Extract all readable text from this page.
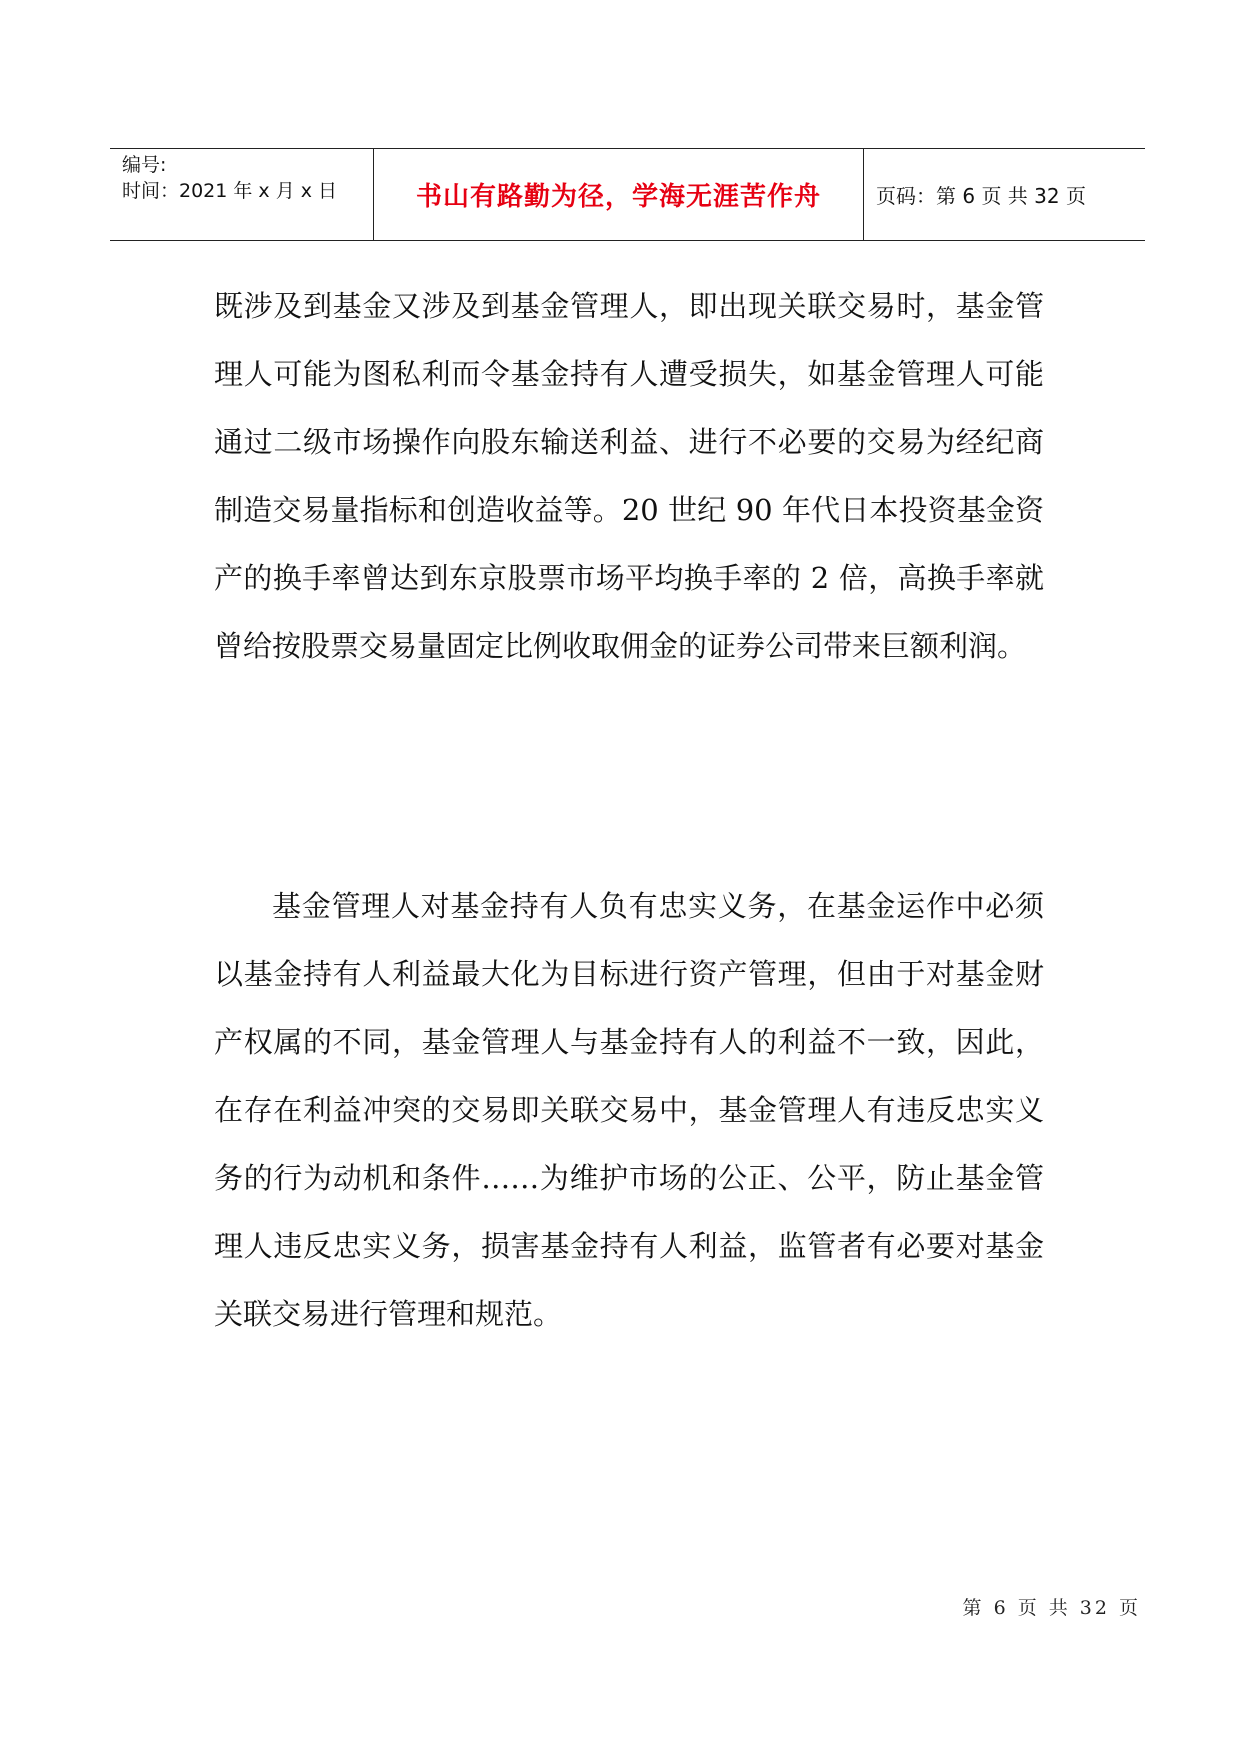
编号:
时间：2021 年 x 月 x 日	书山有路勤为径，学海无涯苦作舟	页码：第 6 页 共 32 页

既涉及到基金又涉及到基金管理人，即出现关联交易时，基金管理人可能为图私利而令基金持有人遭受损失，如基金管理人可能通过二级市场操作向股东输送利益、进行不必要的交易为经纪商制造交易量指标和创造收益等。20 世纪 90 年代日本投资基金资产的换手率曾达到东京股票市场平均换手率的 2 倍，高换手率就曾给按股票交易量固定比例收取佣金的证券公司带来巨额利润。

基金管理人对基金持有人负有忠实义务，在基金运作中必须以基金持有人利益最大化为目标进行资产管理，但由于对基金财产权属的不同，基金管理人与基金持有人的利益不一致，因此，在存在利益冲突的交易即关联交易中，基金管理人有违反忠实义务的行为动机和条件……为维护市场的公正、公平，防止基金管理人违反忠实义务，损害基金持有人利益，监管者有必要对基金关联交易进行管理和规范。

第 6 页 共 32 页
